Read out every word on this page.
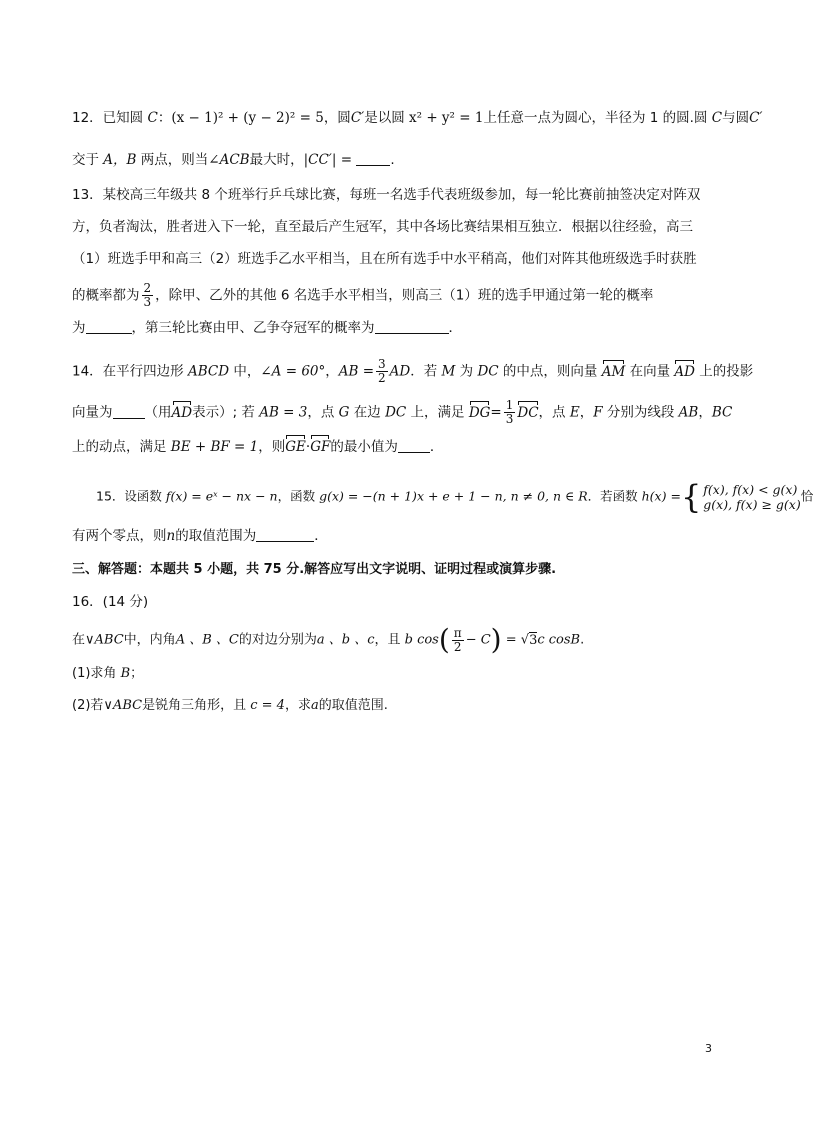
12．已知圆 C：(x − 1)² + (y − 2)² = 5，圆C′是以圆 x² + y² = 1上任意一点为圆心，半径为 1 的圆.圆 C与圆C′
交于 A，B 两点，则当∠ACB最大时，|CC′| =	.
13．某校高三年级共 8 个班举行乒乓球比赛，每班一名选手代表班级参加，每一轮比赛前抽签决定对阵双
方，负者淘汰，胜者进入下一轮，直至最后产生冠军，其中各场比赛结果相互独立．根据以往经验，高三
（1）班选手甲和高三（2）班选手乙水平相当，且在所有选手中水平稍高，他们对阵其他班级选手时获胜
的概率都为 $\frac{2}{3}$ ，除甲、乙外的其他 6 名选手水平相当，则高三（1）班的选手甲通过第一轮的概率
为	，第三轮比赛由甲、乙争夺冠军的概率为	．
14．在平行四边形 ABCD 中，∠A = 60°，AB = $\frac{3}{2}$ AD．若 M 为 DC 的中点，则向量 AM 在向量 AD 上的投影
向量为 （用AD表示）; 若 AB = 3，点 G 在边 DC 上，满足 $DG= \frac{1}{3}$ DC，点 E，F 分别为线段 AB，BC
上的动点，满足 BE + BF = 1，则GE·GF的最小值为 ．
15．设函数 f(x) = eˣ − nx − n，函数 g(x) = −(n + 1)x + e + 1 − n, n ≠ 0, n ∈ R．若函数 h(x) = { f(x), f(x) < g(x)
g(x), f(x) ≥ g(x)
恰
有两个零点，则n的取值范围为	．
三、解答题：本题共 5 小题，共 75 分.解答应写出文字说明、证明过程或演算步骤.
16．(14 分)
在∨ABC中，内角A 、B 、C的对边分别为a 、b 、c，且 b $\cos( \frac{\pi}{2} - C) = √3c$ cosB.
(1)求角 B；
(2)若∨ABC是锐角三角形，且 c = 4，求a的取值范围.
3
